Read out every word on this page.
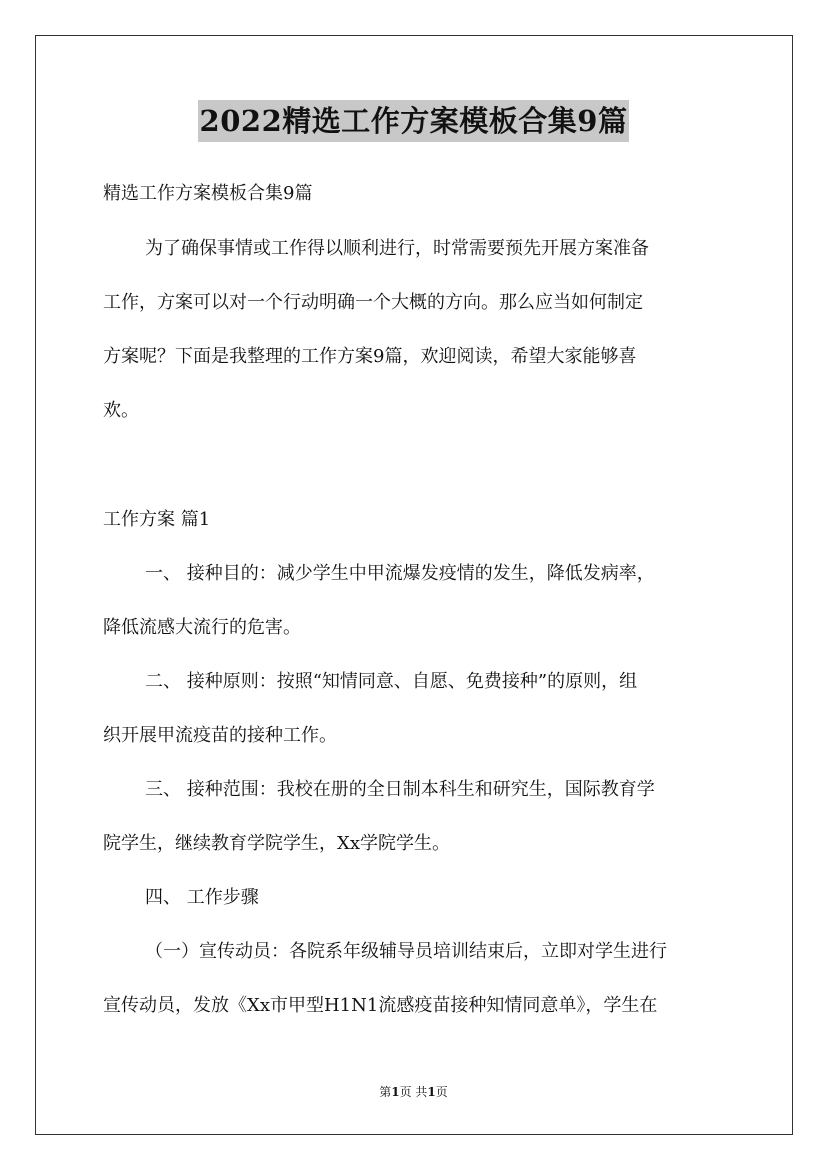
2022精选工作方案模板合集9篇
精选工作方案模板合集9篇
为了确保事情或工作得以顺利进行，时常需要预先开展方案准备
工作，方案可以对一个行动明确一个大概的方向。那么应当如何制定
方案呢？下面是我整理的工作方案9篇，欢迎阅读，希望大家能够喜
欢。
工作方案 篇1
一、 接种目的：减少学生中甲流爆发疫情的发生，降低发病率，
降低流感大流行的危害。
二、 接种原则：按照“知情同意、自愿、免费接种”的原则，组
织开展甲流疫苗的接种工作。
三、 接种范围：我校在册的全日制本科生和研究生，国际教育学
院学生，继续教育学院学生，Xx学院学生。
四、 工作步骤
（一）宣传动员：各院系年级辅导员培训结束后，立即对学生进行
宣传动员，发放《Xx市甲型H1N1流感疫苗接种知情同意单》，学生在
第1页 共1页
